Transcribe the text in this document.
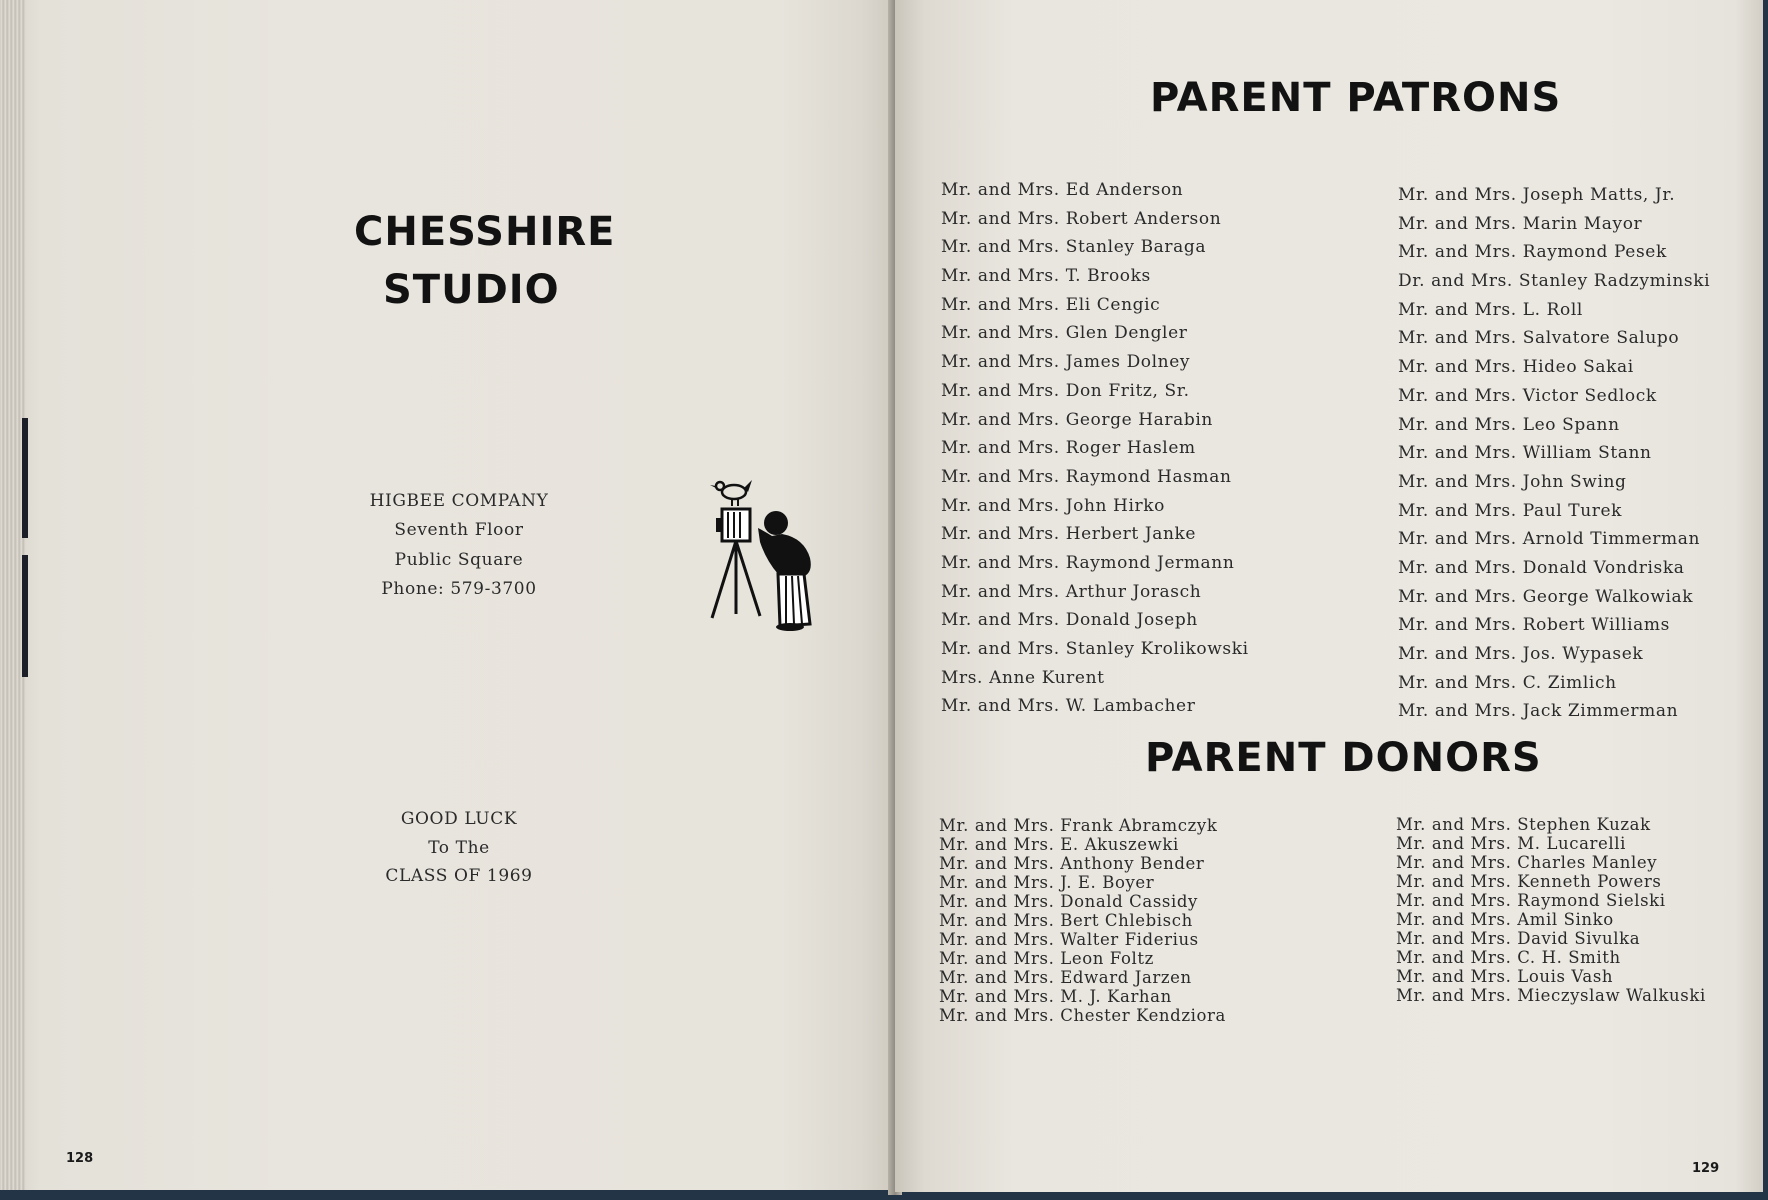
CHESSHIRE
STUDIO
HIGBEE COMPANY
Seventh Floor
Public Square
Phone: 579-3700
GOOD LUCK
To The
CLASS OF 1969
128
PARENT PATRONS
Mr. and Mrs. Ed Anderson
Mr. and Mrs. Robert Anderson
Mr. and Mrs. Stanley Baraga
Mr. and Mrs. T. Brooks
Mr. and Mrs. Eli Cengic
Mr. and Mrs. Glen Dengler
Mr. and Mrs. James Dolney
Mr. and Mrs. Don Fritz, Sr.
Mr. and Mrs. George Harabin
Mr. and Mrs. Roger Haslem
Mr. and Mrs. Raymond Hasman
Mr. and Mrs. John Hirko
Mr. and Mrs. Herbert Janke
Mr. and Mrs. Raymond Jermann
Mr. and Mrs. Arthur Jorasch
Mr. and Mrs. Donald Joseph
Mr. and Mrs. Stanley Krolikowski
Mrs. Anne Kurent
Mr. and Mrs. W. Lambacher
Mr. and Mrs. Joseph Matts, Jr.
Mr. and Mrs. Marin Mayor
Mr. and Mrs. Raymond Pesek
Dr. and Mrs. Stanley Radzyminski
Mr. and Mrs. L. Roll
Mr. and Mrs. Salvatore Salupo
Mr. and Mrs. Hideo Sakai
Mr. and Mrs. Victor Sedlock
Mr. and Mrs. Leo Spann
Mr. and Mrs. William Stann
Mr. and Mrs. John Swing
Mr. and Mrs. Paul Turek
Mr. and Mrs. Arnold Timmerman
Mr. and Mrs. Donald Vondriska
Mr. and Mrs. George Walkowiak
Mr. and Mrs. Robert Williams
Mr. and Mrs. Jos. Wypasek
Mr. and Mrs. C. Zimlich
Mr. and Mrs. Jack Zimmerman
PARENT DONORS
Mr. and Mrs. Frank Abramczyk
Mr. and Mrs. E. Akuszewki
Mr. and Mrs. Anthony Bender
Mr. and Mrs. J. E. Boyer
Mr. and Mrs. Donald Cassidy
Mr. and Mrs. Bert Chlebisch
Mr. and Mrs. Walter Fiderius
Mr. and Mrs. Leon Foltz
Mr. and Mrs. Edward Jarzen
Mr. and Mrs. M. J. Karhan
Mr. and Mrs. Chester Kendziora
Mr. and Mrs. Stephen Kuzak
Mr. and Mrs. M. Lucarelli
Mr. and Mrs. Charles Manley
Mr. and Mrs. Kenneth Powers
Mr. and Mrs. Raymond Sielski
Mr. and Mrs. Amil Sinko
Mr. and Mrs. David Sivulka
Mr. and Mrs. C. H. Smith
Mr. and Mrs. Louis Vash
Mr. and Mrs. Mieczyslaw Walkuski
129
